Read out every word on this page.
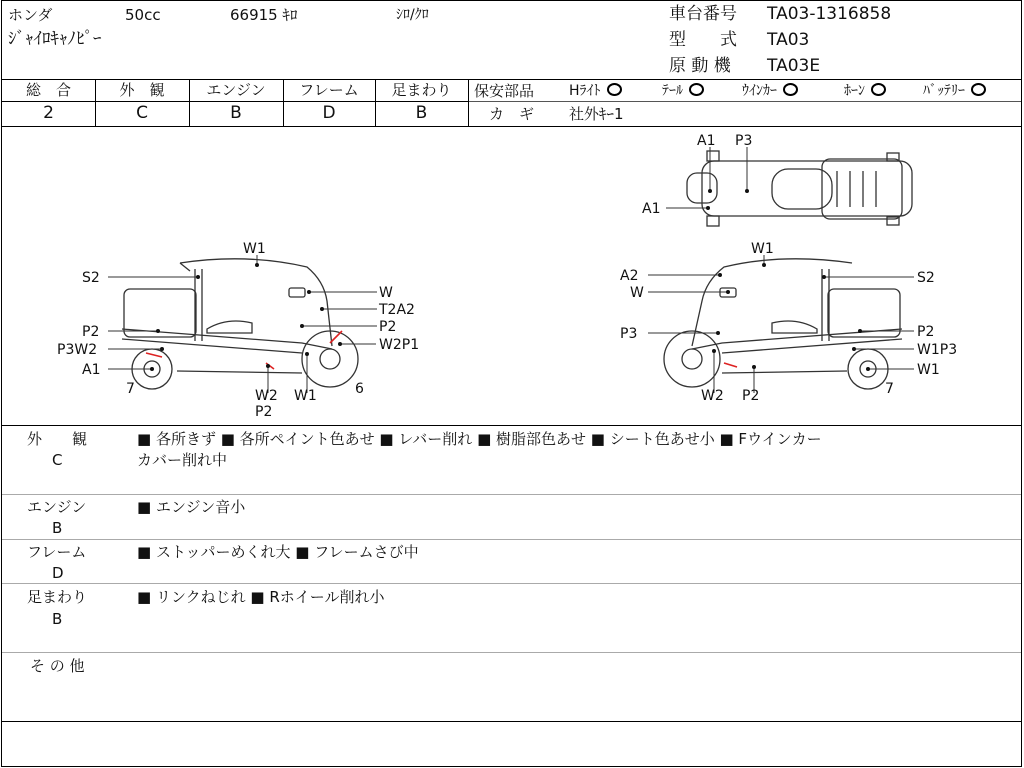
ホンダ	50cc	66915 ｷﾛ	ｼﾛ/ｸﾛ
ｼﾞｬｲﾛｷｬﾉﾋﾟｰ
車台番号 TA03-1316858
型　　式 TA03
原 動 機 TA03E
総　合	外　観	エンジン	フレーム	足まわり
2	C	B	D	B
保安部品 Hﾗｲﾄ	ﾃｰﾙ	ｳｲﾝｶｰ	ﾎｰﾝ	ﾊﾞｯﾃﾘｰ
カ　ギ 社外ｷｰ1
A1 P3
A1
W1
S2
W
T2A2
P2
P2
P3W2	W2P1
A1
7	6
W2
P2
W1
W1
A2	S2
W
P3	P2
W1P3
W1
7
W2 P2
外　　観
C
■ 各所きず ■ 各所ペイント色あせ ■ レバー削れ ■ 樹脂部色あせ ■ シート色あせ小 ■ Fウインカー
カバー削れ中
エンジン
B
■ エンジン音小
フレーム
D
■ ストッパーめくれ大 ■ フレームさび中
足まわり
B
■ リンクねじれ ■ Rホイール削れ小
そ の 他
